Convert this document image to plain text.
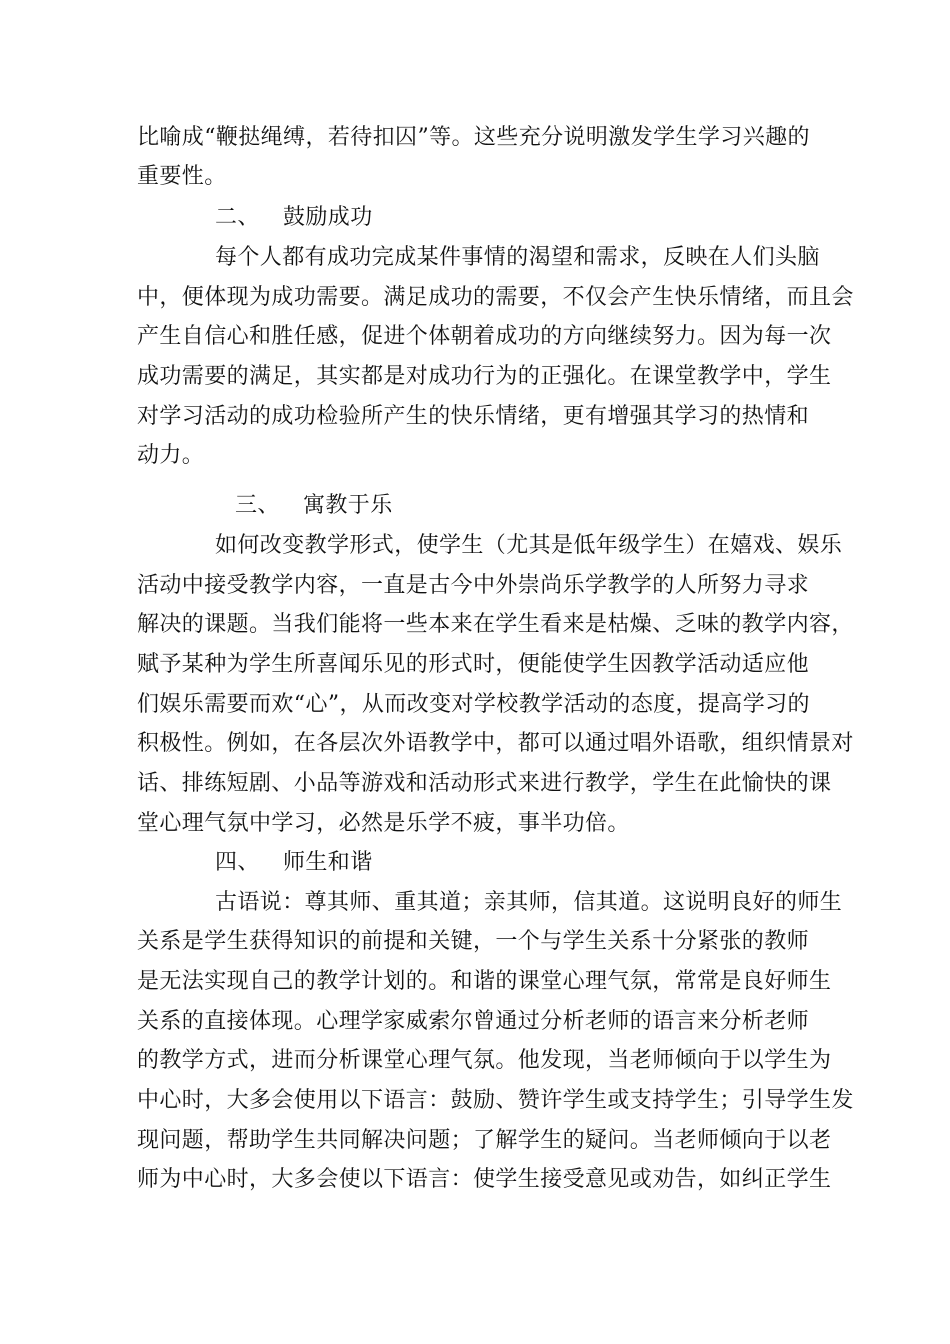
比喻成“鞭挞绳缚，若待扣囚”等。这些充分说明激发学生学习兴趣的
重要性。
二、 鼓励成功
每个人都有成功完成某件事情的渴望和需求，反映在人们头脑
中，便体现为成功需要。满足成功的需要，不仅会产生快乐情绪，而且会
产生自信心和胜任感，促进个体朝着成功的方向继续努力。因为每一次
成功需要的满足，其实都是对成功行为的正强化。在课堂教学中，学生
对学习活动的成功检验所产生的快乐情绪，更有增强其学习的热情和
动力。
三、 寓教于乐
如何改变教学形式，使学生（尤其是低年级学生）在嬉戏、娱乐
活动中接受教学内容，一直是古今中外崇尚乐学教学的人所努力寻求
解决的课题。当我们能将一些本来在学生看来是枯燥、乏味的教学内容，
赋予某种为学生所喜闻乐见的形式时，便能使学生因教学活动适应他
们娱乐需要而欢“心”，从而改变对学校教学活动的态度，提高学习的
积极性。例如，在各层次外语教学中，都可以通过唱外语歌，组织情景对
话、排练短剧、小品等游戏和活动形式来进行教学，学生在此愉快的课
堂心理气氛中学习，必然是乐学不疲，事半功倍。
四、 师生和谐
古语说：尊其师、重其道；亲其师，信其道。这说明良好的师生
关系是学生获得知识的前提和关键，一个与学生关系十分紧张的教师
是无法实现自己的教学计划的。和谐的课堂心理气氛，常常是良好师生
关系的直接体现。心理学家威索尔曾通过分析老师的语言来分析老师
的教学方式，进而分析课堂心理气氛。他发现，当老师倾向于以学生为
中心时，大多会使用以下语言：鼓励、赞许学生或支持学生；引导学生发
现问题，帮助学生共同解决问题；了解学生的疑问。当老师倾向于以老
师为中心时，大多会使以下语言：使学生接受意见或劝告，如纠正学生
